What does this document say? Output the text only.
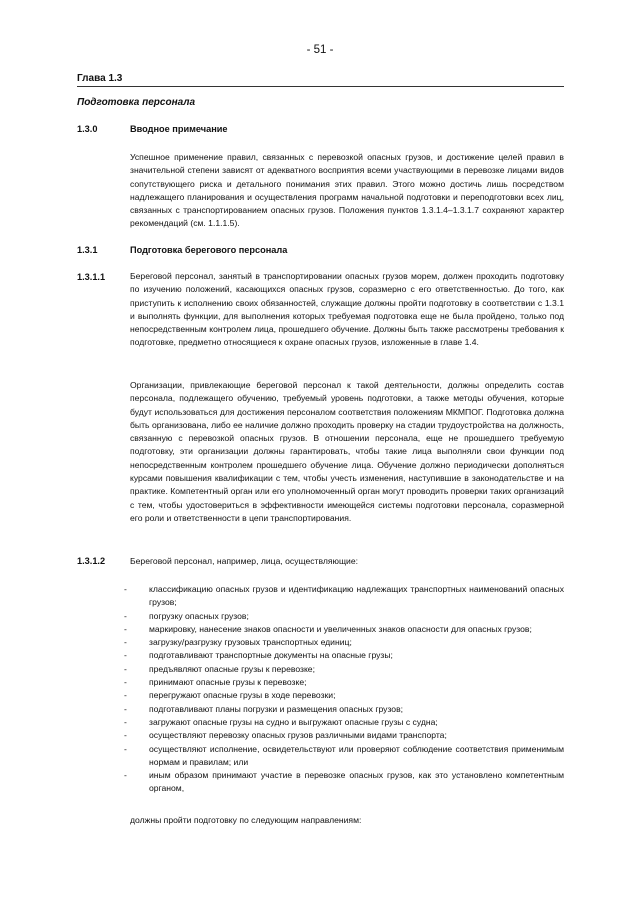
- 51 -
Глава 1.3
Подготовка персонала
1.3.0	Вводное примечание

Успешное применение правил, связанных с перевозкой опасных грузов, и достижение целей правил в значительной степени зависят от адекватного восприятия всеми участвующими в перевозке лицами видов сопутствующего риска и детального понимания этих правил. Этого можно достичь лишь посредством надлежащего планирования и осуществления программ начальной подготовки и переподготовки всех лиц, связанных с транспортированием опасных грузов. Положения пунктов 1.3.1.4–1.3.1.7 сохраняют характер рекомендаций (см. 1.1.1.5).

1.3.1	Подготовка берегового персонала
1.3.1.1	Береговой персонал, занятый в транспортировании опасных грузов морем, должен проходить подготовку по изучению положений, касающихся опасных грузов, соразмерно с его ответственностью. До того, как приступить к исполнению своих обязанностей, служащие должны пройти подготовку в соответствии с 1.3.1 и выполнять функции, для выполнения которых требуемая подготовка еще не была пройдено, только под непосредственным контролем лица, прошедшего обучение. Должны быть также рассмотрены требования к подготовке, предметно относящиеся к охране опасных грузов, изложенные в главе 1.4.

Организации, привлекающие береговой персонал к такой деятельности, должны определить состав персонала, подлежащего обучению, требуемый уровень подготовки, а также методы обучения, которые будут использоваться для достижения персоналом соответствия положениям МКМПОГ. Подготовка должна быть организована, либо ее наличие должно проходить проверку на стадии трудоустройства на должность, связанную с перевозкой опасных грузов. В отношении персонала, еще не прошедшего требуемую подготовку, эти организации должны гарантировать, чтобы такие лица выполняли свои функции под непосредственным контролем прошедшего обучение лица. Обучение должно периодически дополняться курсами повышения квалификации с тем, чтобы учесть изменения, наступившие в законодательстве и на практике. Компетентный орган или его уполномоченный орган могут проводить проверки таких организаций с тем, чтобы удостовериться в эффективности имеющейся системы подготовки персонала, соразмерной его роли и ответственности в цепи транспортирования.

1.3.1.2	Береговой персонал, например, лица, осуществляющие:
-	классификацию опасных грузов и идентификацию надлежащих транспортных наименований опасных грузов;
-	погрузку опасных грузов;
-	маркировку, нанесение знаков опасности и увеличенных знаков опасности для опасных грузов;
-	загрузку/разгрузку грузовых транспортных единиц;
-	подготавливают транспортные документы на опасные грузы;
-	предъявляют опасные грузы к перевозке;
-	принимают опасные грузы к перевозке;
-	перегружают опасные грузы в ходе перевозки;
-	подготавливают планы погрузки и размещения опасных грузов;
-	загружают опасные грузы на судно и выгружают опасные грузы с судна;
-	осуществляют перевозку опасных грузов различными видами транспорта;
-	осуществляют исполнение, освидетельствуют или проверяют соблюдение соответствия применимым нормам и правилам; или
-	иным образом принимают участие в перевозке опасных грузов, как это установлено компетентным органом,
должны пройти подготовку по следующим направлениям:
